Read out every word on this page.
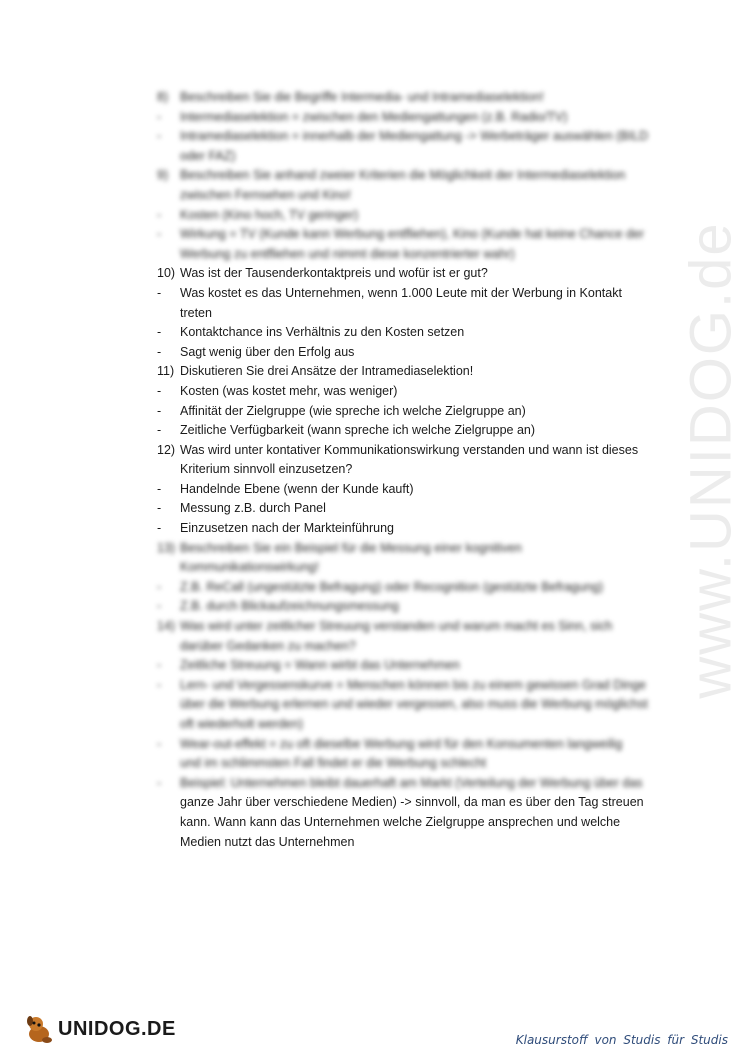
www.UNIDOG.de
8) Beschreiben Sie die Begriffe Intermedia- und Intramediaselektion!
-	Intermediaselektion = zwischen den Mediengattungen (z.B. Radio/TV)
-	Intramediaselektion = innerhalb der Mediengattung -> Werbeträger auswählen (BILD
oder FAZ)
9) Beschreiben Sie anhand zweier Kriterien die Möglichkeit der Intermediaselektion
zwischen Fernsehen und Kino!
-	Kosten (Kino hoch, TV geringer)
-	Wirkung = TV (Kunde kann Werbung entfliehen), Kino (Kunde hat keine Chance der
Werbung zu entfliehen und nimmt diese konzentrierter wahr)
10) Was ist der Tausenderkontaktpreis und wofür ist er gut?
-	Was kostet es das Unternehmen, wenn 1.000 Leute mit der Werbung in Kontakt
treten
-	Kontaktchance ins Verhältnis zu den Kosten setzen
-	Sagt wenig über den Erfolg aus
11) Diskutieren Sie drei Ansätze der Intramediaselektion!
-	Kosten (was kostet mehr, was weniger)
-	Affinität der Zielgruppe (wie spreche ich welche Zielgruppe an)
-	Zeitliche Verfügbarkeit (wann spreche ich welche Zielgruppe an)
12) Was wird unter kontativer Kommunikationswirkung verstanden und wann ist dieses
Kriterium sinnvoll einzusetzen?
-	Handelnde Ebene (wenn der Kunde kauft)
-	Messung z.B. durch Panel
-	Einzusetzen nach der Markteinführung
13) Beschreiben Sie ein Beispiel für die Messung einer kognitiven
Kommunikationswirkung!
-	Z.B. ReCall (ungestützte Befragung) oder Recognition (gestützte Befragung)
-	Z.B. durch Blickaufzeichnungsmessung
14) Was wird unter zeitlicher Streuung verstanden und warum macht es Sinn, sich
darüber Gedanken zu machen?
-	Zeitliche Streuung = Wann wirbt das Unternehmen
-	Lern- und Vergessenskurve = Menschen können bis zu einem gewissen Grad Dinge
über die Werbung erlernen und wieder vergessen, also muss die Werbung möglichst
oft wiederholt werden)
-	Wear-out-effekt = zu oft dieselbe Werbung wird für den Konsumenten langweilig
und im schlimmsten Fall findet er die Werbung schlecht
-	Beispiel: Unternehmen bleibt dauerhaft am Markt (Verteilung der Werbung über das
ganze Jahr über verschiedene Medien) -> sinnvoll, da man es über den Tag streuen
kann. Wann kann das Unternehmen welche Zielgruppe ansprechen und welche
Medien nutzt das Unternehmen
UNIDOG.DE
Klausurstoff von Studis für Studis
